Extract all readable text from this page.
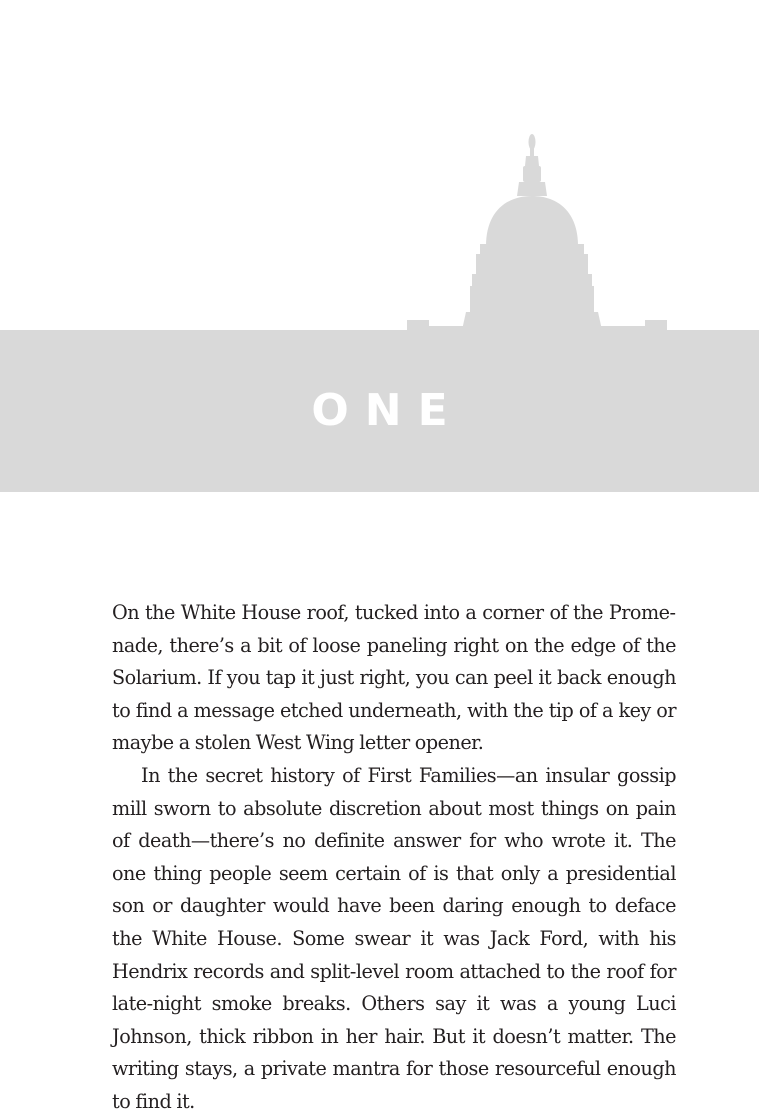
ONE

On the White House roof, tucked into a corner of the Promenade, there’s a bit of loose paneling right on the edge of the Solarium. If you tap it just right, you can peel it back enough to find a message etched underneath, with the tip of a key or maybe a stolen West Wing letter opener.

In the secret history of First Families—an insular gossip mill sworn to absolute discretion about most things on pain of death—there’s no definite answer for who wrote it. The one thing people seem certain of is that only a presidential son or daughter would have been daring enough to deface the White House. Some swear it was Jack Ford, with his Hendrix records and split-level room attached to the roof for late-night smoke breaks. Others say it was a young Luci Johnson, thick ribbon in her hair. But it doesn’t matter. The writing stays, a private mantra for those resourceful enough to find it.
